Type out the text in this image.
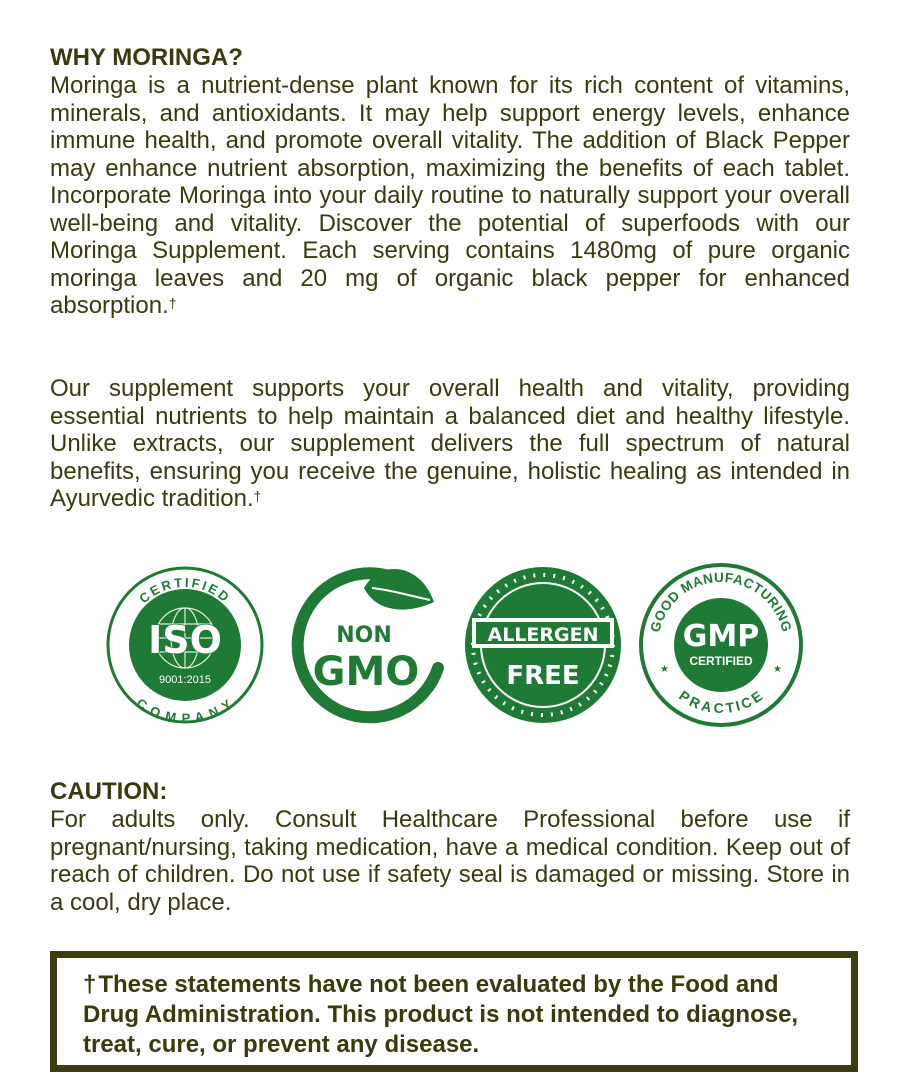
WHY MORINGA?

Moringa is a nutrient-dense plant known for its rich content of vitamins, minerals, and antioxidants. It may help support energy levels, enhance immune health, and promote overall vitality. The addition of Black Pepper may enhance nutrient absorption, maximizing the benefits of each tablet. Incorporate Moringa into your daily routine to naturally support your overall well-being and vitality. Discover the potential of superfoods with our Moringa Supplement. Each serving contains 1480mg of pure organic moringa leaves and 20 mg of organic black pepper for enhanced absorption.†

Our supplement supports your overall health and vitality, providing essential nutrients to help maintain a balanced diet and healthy lifestyle. Unlike extracts, our supplement delivers the full spectrum of natural benefits, ensuring you receive the genuine, holistic healing as intended in Ayurvedic tradition.†

CERTIFIED
COMPANY
ISO
9001:2015
NON
GMO
ALLERGEN
FREE
GOOD MANUFACTURING
PRACTICE
★	★
GMP
CERTIFIED
CAUTION:

For adults only. Consult Healthcare Professional before use if pregnant/nursing, taking medication, have a medical condition. Keep out of reach of children. Do not use if safety seal is damaged or missing. Store in a cool, dry place.

†These statements have not been evaluated by the Food and Drug Administration. This product is not intended to diagnose, treat, cure, or prevent any disease.
